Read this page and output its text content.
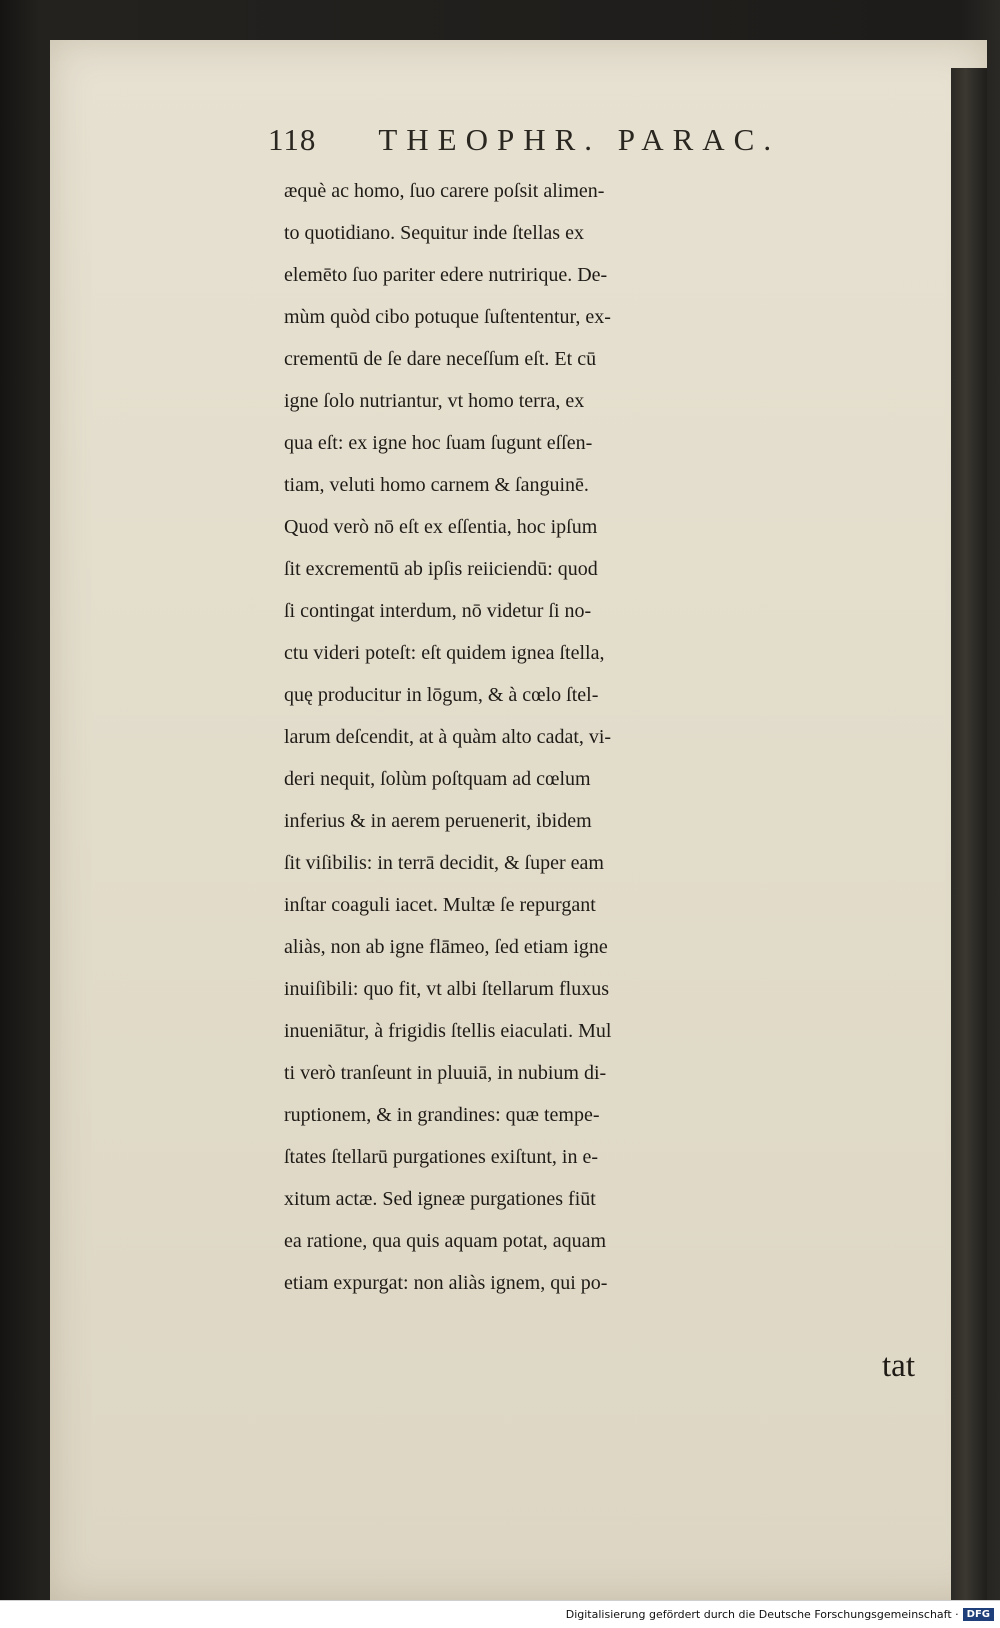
118 THEOPHR. PARAC.
æquè ac homo, ſuo carere poſsit alimen-
to quotidiano. Sequitur inde ſtellas ex
elemēto ſuo pariter edere nutririque. De-
mùm quòd cibo potuque ſuſtententur, ex-
crementū de ſe dare neceſſum eſt. Et cū
igne ſolo nutriantur, vt homo terra, ex
qua eſt: ex igne hoc ſuam ſugunt eſſen-
tiam, veluti homo carnem & ſanguinē.
Quod verò nō eſt ex eſſentia, hoc ipſum
ſit excrementū ab ipſis reiiciendū: quod
ſi contingat interdum, nō videtur ſi no-
ctu videri poteſt: eſt quidem ignea ſtella,
quę producitur in lōgum, & à cœlo ſtel-
larum deſcendit, at à quàm alto cadat, vi-
deri nequit, ſolùm poſtquam ad cœlum
inferius & in aerem peruenerit, ibidem
ſit viſibilis: in terrā decidit, & ſuper eam
inſtar coaguli iacet. Multæ ſe repurgant
aliàs, non ab igne flāmeo, ſed etiam igne
inuiſibili: quo fit, vt albi ſtellarum fluxus
inueniātur, à frigidis ſtellis eiaculati. Mul
ti verò tranſeunt in pluuiā, in nubium di-
ruptionem, & in grandines: quæ tempe-
ſtates ſtellarū purgationes exiſtunt, in e-
xitum actæ. Sed igneæ purgationes fiūt
ea ratione, qua quis aquam potat, aquam
etiam expurgat: non aliàs ignem, qui po-
tat
Digitalisierung gefördert durch die Deutsche Forschungsgemeinschaft · DFG
